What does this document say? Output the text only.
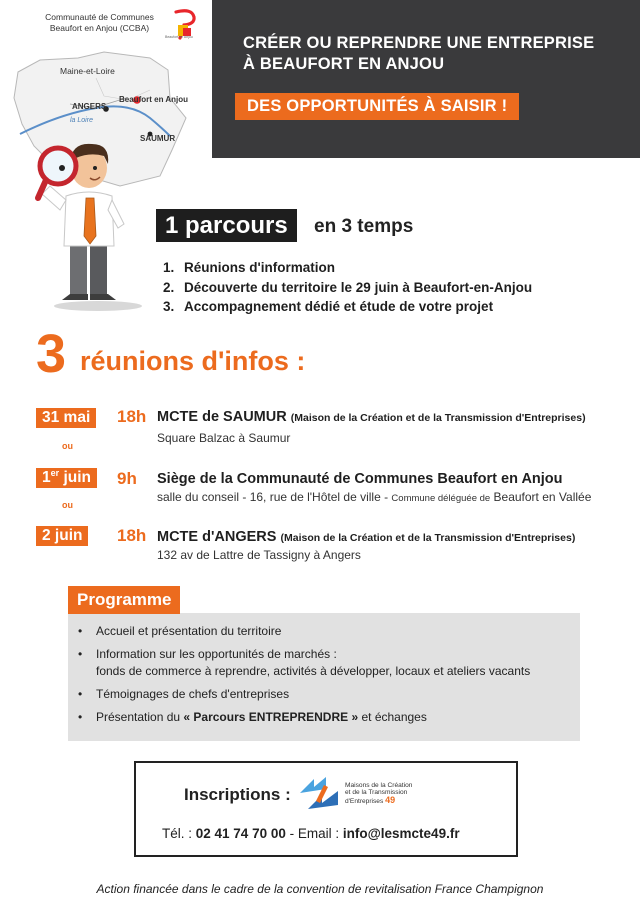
CRÉER OU REPRENDRE UNE ENTREPRISE
À BEAUFORT EN ANJOU
DES OPPORTUNITÉS À SAISIR !
Communauté de Communes
Beaufort en Anjou (CCBA)
Beaufort en Anjou
Maine-et-Loire
Beaufort en Anjou
ANGERS
SAUMUR
la Loire
1 parcours	en 3 temps
1. Réunions d'information
2. Découverte du territoire le 29 juin à Beaufort-en-Anjou
3. Accompagnement dédié et étude de votre projet
3 réunions d'infos :
31 mai	18h MCTE de SAUMUR (Maison de la Création et de la Transmission d'Entreprises)
Square Balzac à Saumur
ou
1er juin	9h Siège de la Communauté de Communes Beaufort en Anjou
salle du conseil - 16, rue de l'Hôtel de ville - Commune déléguée de Beaufort en Vallée
ou
2 juin	18h MCTE d'ANGERS (Maison de la Création et de la Transmission d'Entreprises)
132 av de Lattre de Tassigny à Angers
Programme
• Accueil et présentation du territoire
• Information sur les opportunités de marchés :
fonds de commerce à reprendre, activités à développer, locaux et ateliers vacants
• Témoignages de chefs d'entreprises
• Présentation du « Parcours ENTREPRENDRE » et échanges
Inscriptions :	Maisons de la Création
et de la Transmission
d'Entreprises 49
Tél. : 02 41 74 70 00 - Email : info@lesmcte49.fr
Action financée dans le cadre de la convention de revitalisation France Champignon
